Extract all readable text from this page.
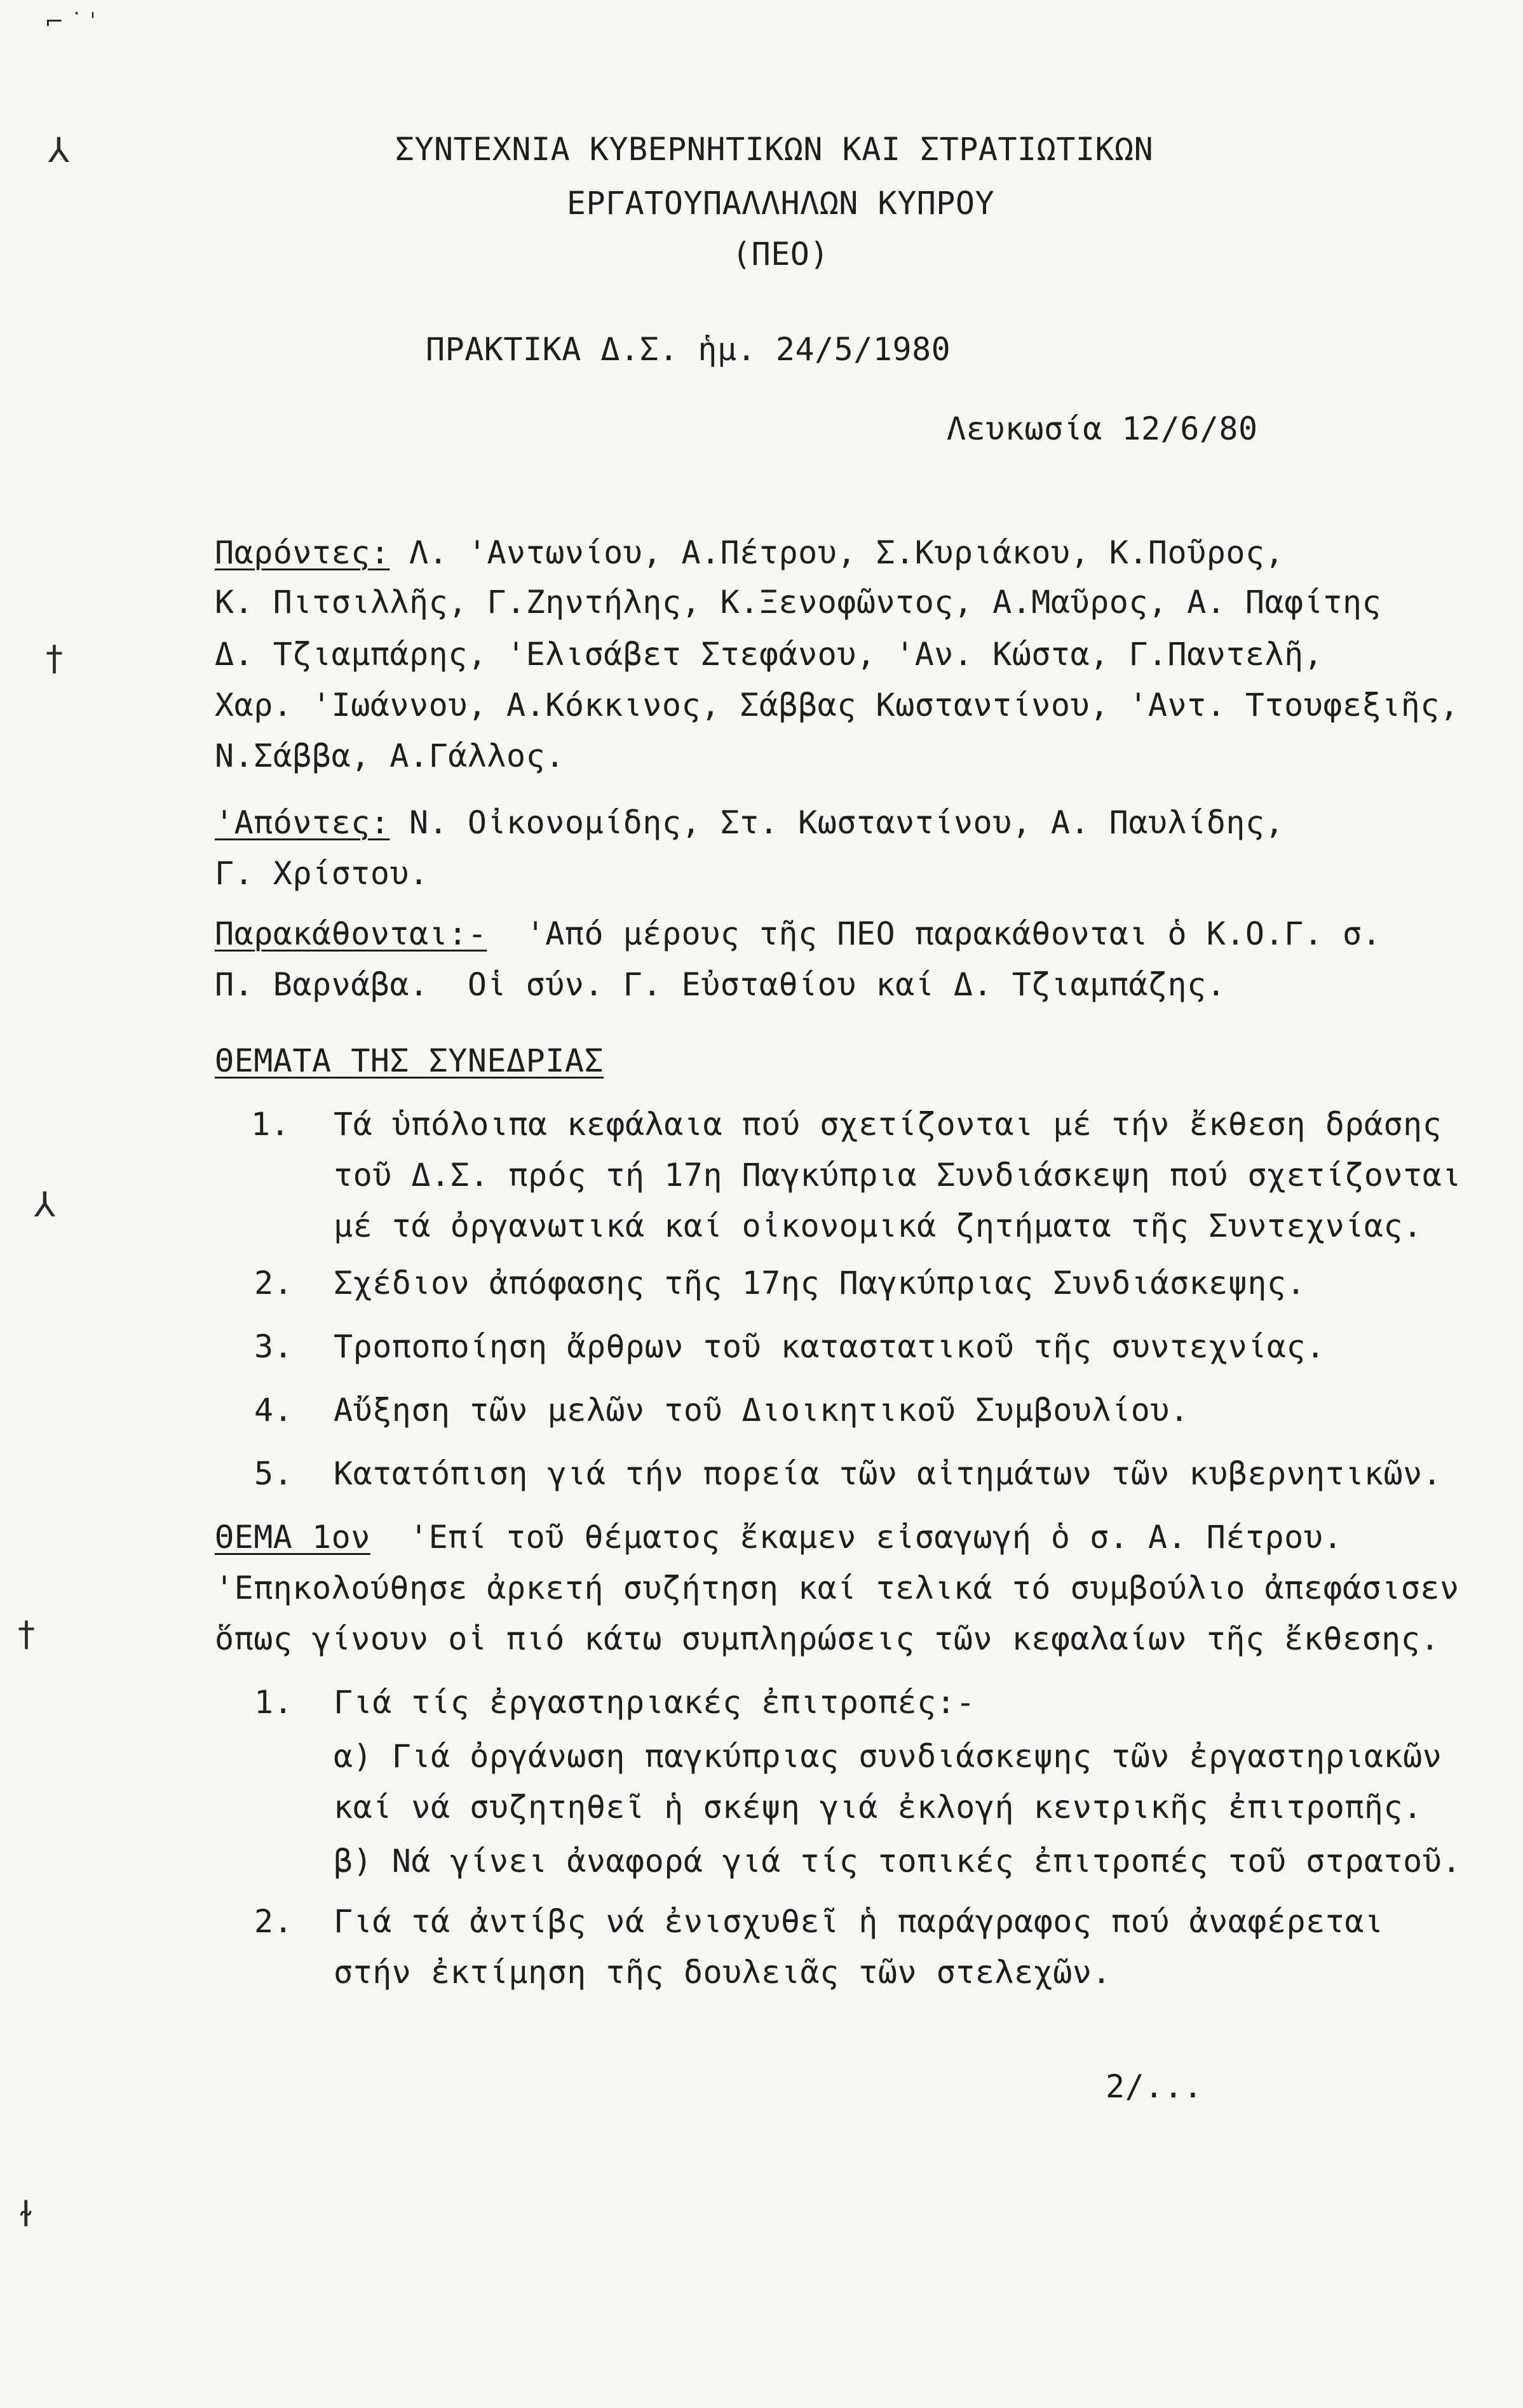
⌐ ˙ ˈ
⅄
†
⅄
†
ɫ
ΣΥΝΤΕΧΝΙΑ ΚΥΒΕΡΝΗΤΙΚΩΝ ΚΑΙ ΣΤΡΑΤΙΩΤΙΚΩΝ
ΕΡΓΑΤΟΥΠΑΛΛΗΛΩΝ ΚΥΠΡΟΥ
(ΠΕΟ)
ΠΡΑΚΤΙΚΑ Δ.Σ. ἡμ. 24/5/1980
Λευκωσία 12/6/80
Παρόντες: Λ. 'Αντωνίου, Α.Πέτρου, Σ.Κυριάκου, Κ.Ποῦρος,
Κ. Πιτσιλλῆς, Γ.Ζηντήλης, Κ.Ξενοφῶντος, Α.Μαῦρος, Α. Παφίτης
Δ. Τζιαμπάρης, 'Ελισάβετ Στεφάνου, 'Αν. Κώστα, Γ.Παντελῆ,
Χαρ. 'Ιωάννου, Α.Κόκκινος, Σάββας Κωσταντίνου, 'Αντ. Ττουφεξιῆς,
Ν.Σάββα, Α.Γάλλος.
'Απόντες: Ν. Οἰκονομίδης, Στ. Κωσταντίνου, Α. Παυλίδης,
Γ. Χρίστου.
Παρακάθονται:-  'Από μέρους τῆς ΠΕΟ παρακάθονται ὁ Κ.Ο.Γ. σ.
Π. Βαρνάβα.  Οἱ σύν. Γ. Εὐσταθίου καί Δ. Τζιαμπάζης.
ΘΕΜΑΤΑ ΤΗΣ ΣΥΝΕΔΡΙΑΣ
1. Τά ὑπόλοιπα κεφάλαια πού σχετίζονται μέ τήν ἔκθεση δράσης
τοῦ Δ.Σ. πρός τή 17η Παγκύπρια Συνδιάσκεψη πού σχετίζονται
μέ τά ὀργανωτικά καί οἰκονομικά ζητήματα τῆς Συντεχνίας.
2. Σχέδιον ἀπόφασης τῆς 17ης Παγκύπριας Συνδιάσκεψης.
3. Τροποποίηση ἄρθρων τοῦ καταστατικοῦ τῆς συντεχνίας.
4. Αὔξηση τῶν μελῶν τοῦ Διοικητικοῦ Συμβουλίου.
5. Κατατόπιση γιά τήν πορεία τῶν αἰτημάτων τῶν κυβερνητικῶν.
ΘΕΜΑ 1ον  'Επί τοῦ θέματος ἔκαμεν εἰσαγωγή ὁ σ. Α. Πέτρου.
'Επηκολούθησε ἀρκετή συζήτηση καί τελικά τό συμβούλιο ἀπεφάσισεν
ὅπως γίνουν οἱ πιό κάτω συμπληρώσεις τῶν κεφαλαίων τῆς ἔκθεσης.
1. Γιά τίς ἐργαστηριακές ἐπιτροπές:-
α) Γιά ὀργάνωση παγκύπριας συνδιάσκεψης τῶν ἐργαστηριακῶν
καί νά συζητηθεῖ ἡ σκέψη γιά ἐκλογή κεντρικῆς ἐπιτροπῆς.
β) Νά γίνει ἀναφορά γιά τίς τοπικές ἐπιτροπές τοῦ στρατοῦ.
2. Γιά τά ἀντίβς νά ἐνισχυθεῖ ἡ παράγραφος πού ἀναφέρεται
στήν ἐκτίμηση τῆς δουλειᾶς τῶν στελεχῶν.
2/...
